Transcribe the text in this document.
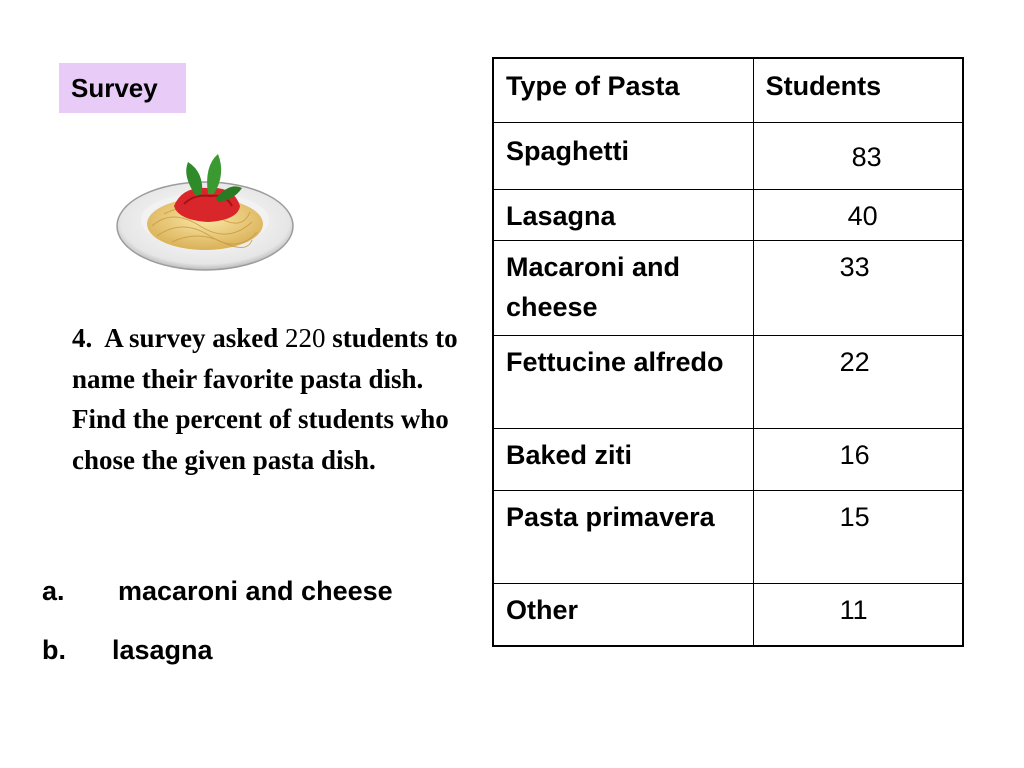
Survey
4. A survey asked 220 students to name their favorite pasta dish. Find the percent of students who chose the given pasta dish.
a. macaroni and cheese
b. lasagna
Type of Pasta	Students
Spaghetti	83
Lasagna	40
Macaroni and cheese	33
Fettucine alfredo	22
Baked ziti	16
Pasta primavera	15
Other	11
